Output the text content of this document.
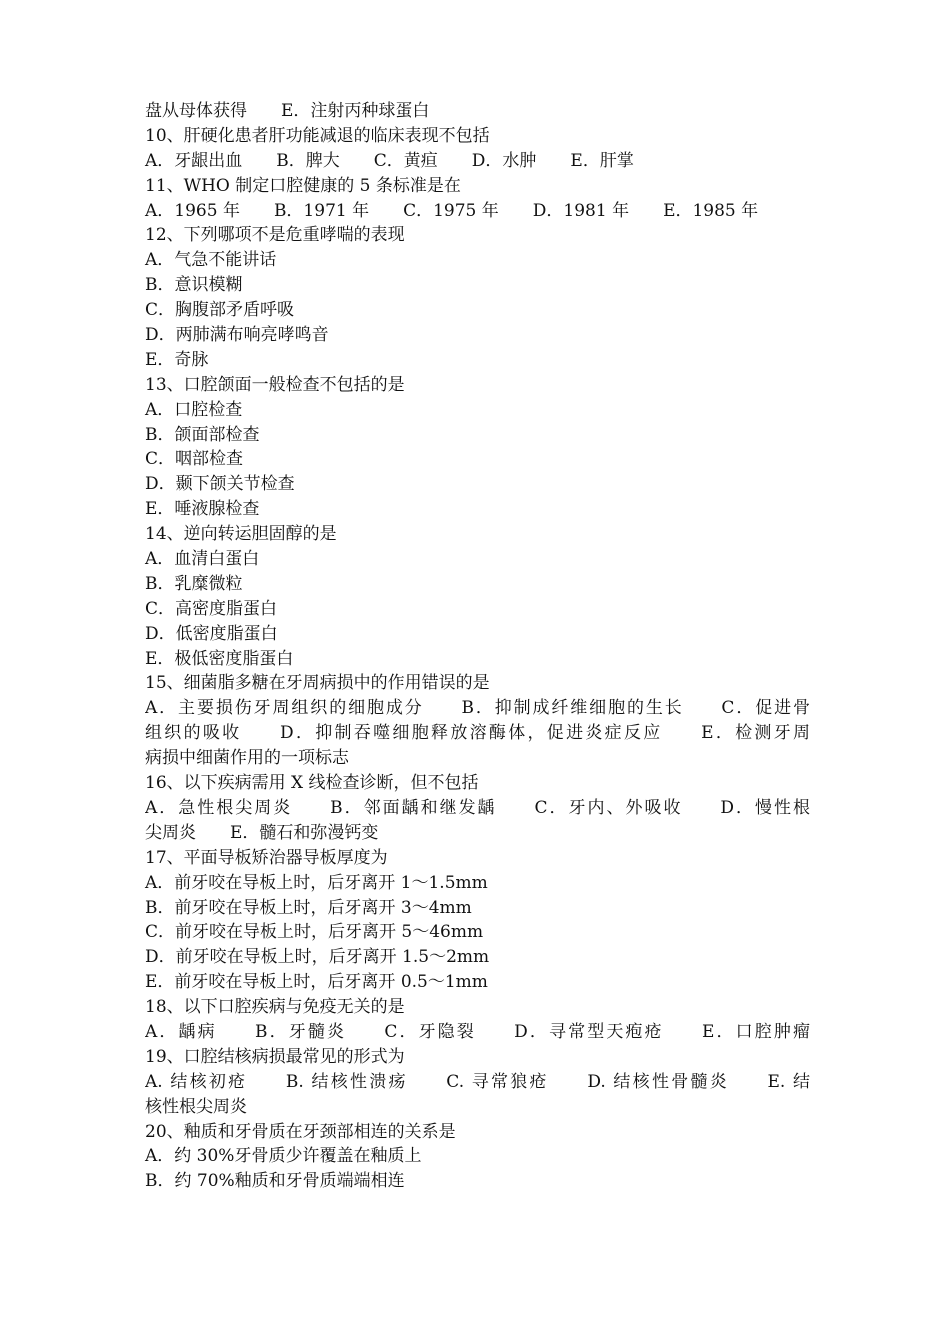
盘从母体获得　　E．注射丙种球蛋白
10、肝硬化患者肝功能减退的临床表现不包括
A．牙龈出血　　B．脾大　　C．黄疸　　D．水肿　　E．肝掌
11、WHO 制定口腔健康的 5 条标准是在
A．1965 年　　B．1971 年　　C．1975 年　　D．1981 年　　E．1985 年
12、下列哪项不是危重哮喘的表现
A．气急不能讲话
B．意识模糊
C．胸腹部矛盾呼吸
D．两肺满布响亮哮鸣音
E．奇脉
13、口腔颌面一般检查不包括的是
A．口腔检查
B．颌面部检查
C．咽部检查
D．颞下颌关节检查
E．唾液腺检查
14、逆向转运胆固醇的是
A．血清白蛋白
B．乳糜微粒
C．高密度脂蛋白
D．低密度脂蛋白
E．极低密度脂蛋白
15、细菌脂多糖在牙周病损中的作用错误的是
A．主要损伤牙周组织的细胞成分　　B．抑制成纤维细胞的生长　　C．促进骨
组织的吸收　　D．抑制吞噬细胞释放溶酶体，促进炎症反应　　E．检测牙周
病损中细菌作用的一项标志
16、以下疾病需用 X 线检查诊断，但不包括
A．急性根尖周炎　　B．邻面龋和继发龋　　C．牙内、外吸收　　D．慢性根
尖周炎　　E．髓石和弥漫钙变
17、平面导板矫治器导板厚度为
A．前牙咬在导板上时，后牙离开 1～1.5mm
B．前牙咬在导板上时，后牙离开 3～4mm
C．前牙咬在导板上时，后牙离开 5～46mm
D．前牙咬在导板上时，后牙离开 1.5～2mm
E．前牙咬在导板上时，后牙离开 0.5～1mm
18、以下口腔疾病与免疫无关的是
A．龋病　　B．牙髓炎　　C．牙隐裂　　D．寻常型天疱疮　　E．口腔肿瘤
19、口腔结核病损最常见的形式为
A. 结核初疮　　B. 结核性溃疡　　C. 寻常狼疮　　D. 结核性骨髓炎　　E. 结
核性根尖周炎
20、釉质和牙骨质在牙颈部相连的关系是
A．约 30%牙骨质少许覆盖在釉质上
B．约 70%釉质和牙骨质端端相连
